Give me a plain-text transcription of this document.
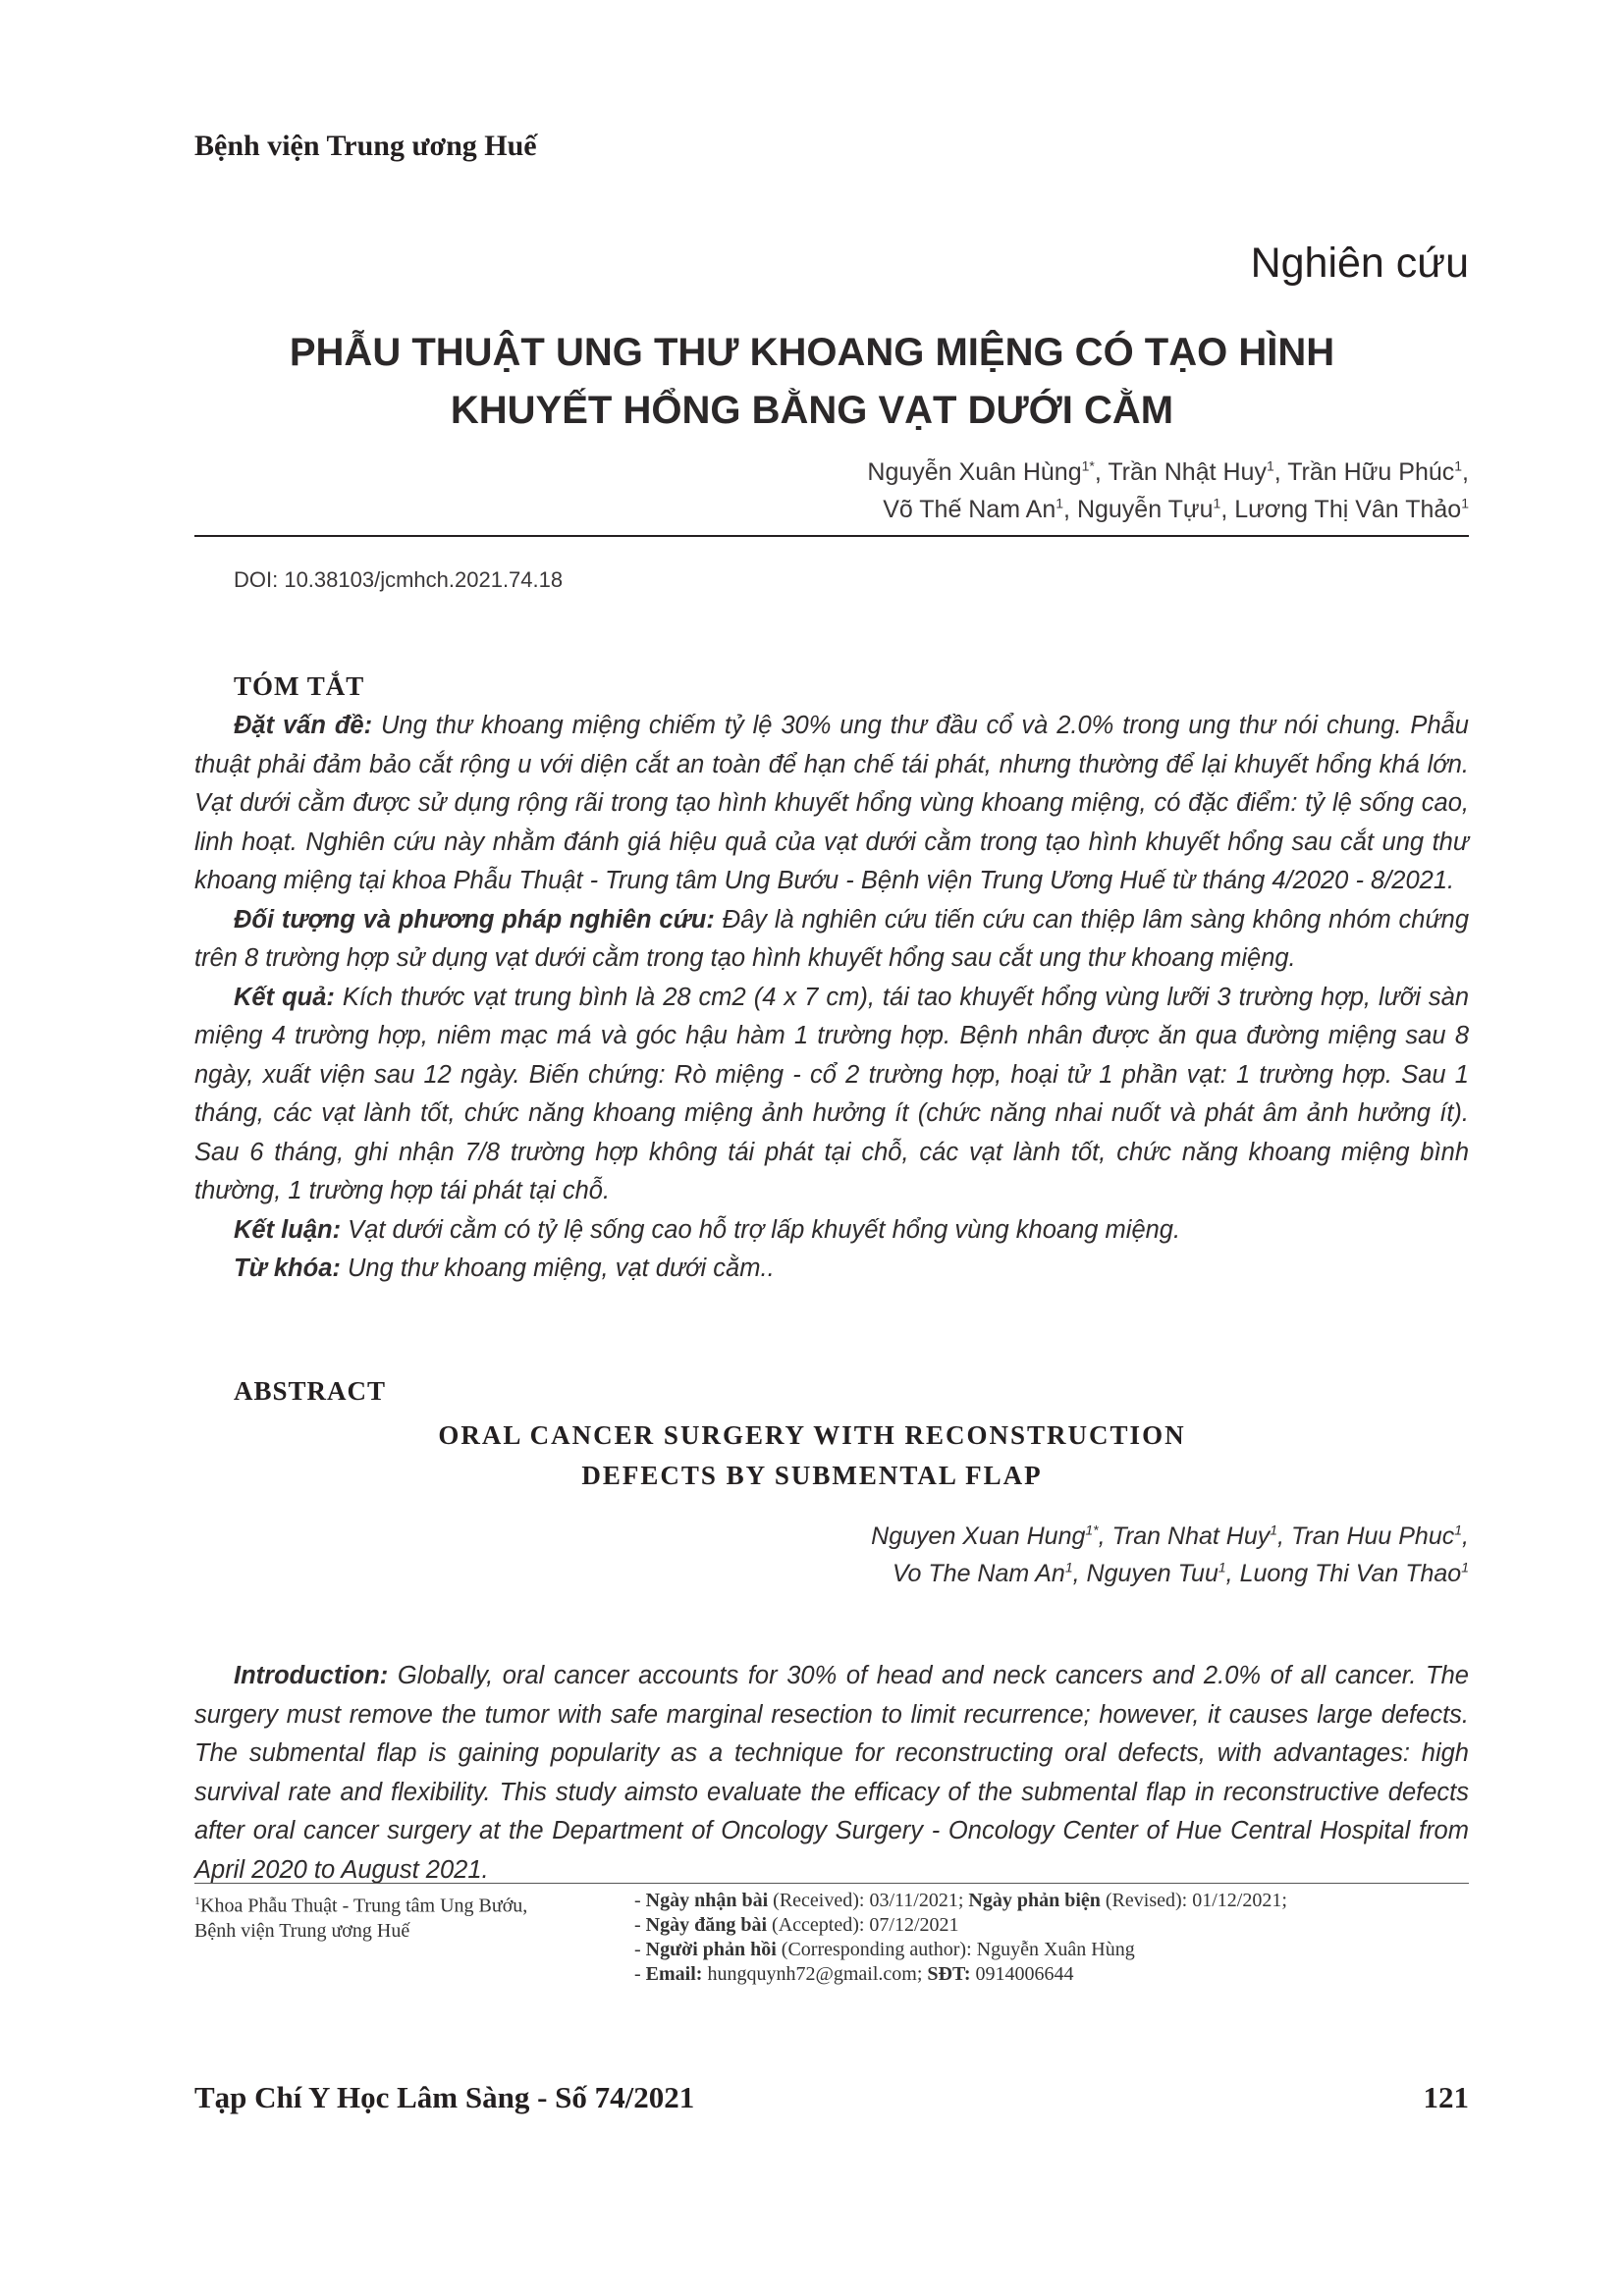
Bệnh viện Trung ương Huế
Nghiên cứu
PHẪU THUẬT UNG THƯ KHOANG MIỆNG CÓ TẠO HÌNH
KHUYẾT HỔNG BẰNG VẠT DƯỚI CẰM
Nguyễn Xuân Hùng$^{1*}$, Trần Nhật Huy$^1$, Trần Hữu Phúc$^1$,
Võ Thế Nam An$^1$, Nguyễn Tựu$^1$, Lương Thị Vân Thảo$^1$
DOI: 10.38103/jcmhch.2021.74.18
TÓM TẮT

Đặt vấn đề: Ung thư khoang miệng chiếm tỷ lệ 30% ung thư đầu cổ và 2.0% trong ung thư nói chung. Phẫu thuật phải đảm bảo cắt rộng u với diện cắt an toàn để hạn chế tái phát, nhưng thường để lại khuyết hổng khá lớn. Vạt dưới cằm được sử dụng rộng rãi trong tạo hình khuyết hổng vùng khoang miệng, có đặc điểm: tỷ lệ sống cao, linh hoạt. Nghiên cứu này nhằm đánh giá hiệu quả của vạt dưới cằm trong tạo hình khuyết hổng sau cắt ung thư khoang miệng tại khoa Phẫu Thuật - Trung tâm Ung Bướu - Bệnh viện Trung Ương Huế từ tháng 4/2020 - 8/2021.

Đối tượng và phương pháp nghiên cứu: Đây là nghiên cứu tiến cứu can thiệp lâm sàng không nhóm chứng trên 8 trường hợp sử dụng vạt dưới cằm trong tạo hình khuyết hổng sau cắt ung thư khoang miệng.

Kết quả: Kích thước vạt trung bình là 28 cm2 (4 x 7 cm), tái tao khuyết hổng vùng lưỡi 3 trường hợp, lưỡi sàn miệng 4 trường hợp, niêm mạc má và góc hậu hàm 1 trường hợp. Bệnh nhân được ăn qua đường miệng sau 8 ngày, xuất viện sau 12 ngày. Biến chứng: Rò miệng - cổ 2 trường hợp, hoại tử 1 phần vạt: 1 trường hợp. Sau 1 tháng, các vạt lành tốt, chức năng khoang miệng ảnh hưởng ít (chức năng nhai nuốt và phát âm ảnh hưởng ít). Sau 6 tháng, ghi nhận 7/8 trường hợp không tái phát tại chỗ, các vạt lành tốt, chức năng khoang miệng bình thường, 1 trường hợp tái phát tại chỗ.

Kết luận: Vạt dưới cằm có tỷ lệ sống cao hỗ trợ lấp khuyết hổng vùng khoang miệng.

Từ khóa: Ung thư khoang miệng, vạt dưới cằm..

ABSTRACT
ORAL CANCER SURGERY WITH RECONSTRUCTION
DEFECTS BY SUBMENTAL FLAP
Nguyen Xuan Hung$^{1*}$, Tran Nhat Huy$^1$, Tran Huu Phuc$^1$,
Vo The Nam An$^1$, Nguyen Tuu$^1$, Luong Thi Van Thao$^1$

Introduction: Globally, oral cancer accounts for 30% of head and neck cancers and 2.0% of all cancer. The surgery must remove the tumor with safe marginal resection to limit recurrence; however, it causes large defects. The submental flap is gaining popularity as a technique for reconstructing oral defects, with advantages: high survival rate and flexibility. This study aimsto evaluate the efficacy of the submental flap in reconstructive defects after oral cancer surgery at the Department of Oncology Surgery - Oncology Center of Hue Central Hospital from April 2020 to August 2021.

$^1$Khoa Phẫu Thuật - Trung tâm Ung Bướu,
Bệnh viện Trung ương Huế
- Ngày nhận bài (Received): 03/11/2021; Ngày phản biện (Revised): 01/12/2021;
- Ngày đăng bài (Accepted): 07/12/2021
- Người phản hồi (Corresponding author): Nguyễn Xuân Hùng
- Email: hungquynh72@gmail.com; SĐT: 0914006644
Tạp Chí Y Học Lâm Sàng - Số 74/2021	121
